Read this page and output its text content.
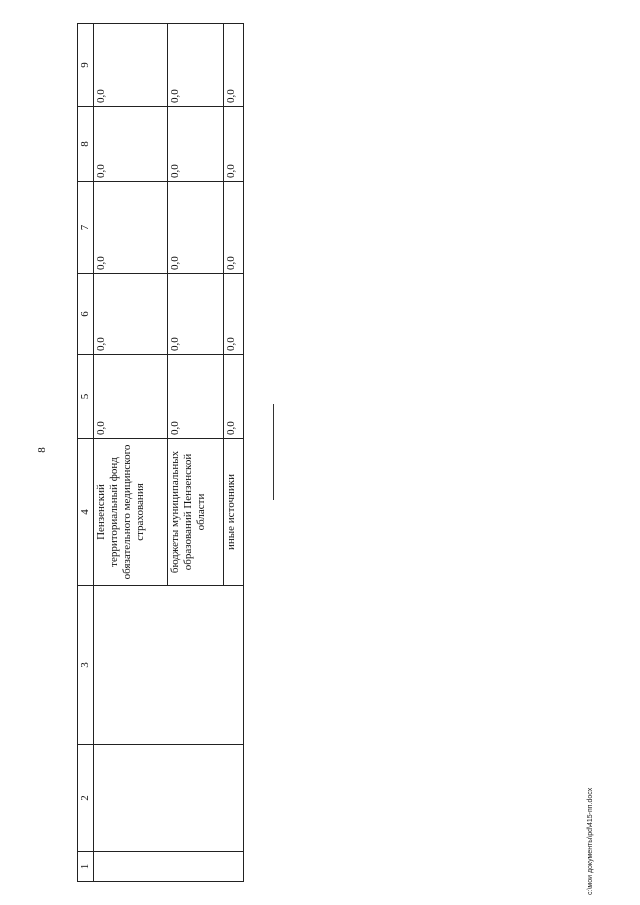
8
1	2	3	4	5	6	7	8	9
			Пензенский территориальный фонд обязательного медицинского страхования	0,0	0,0	0,0	0,0	0,0
			бюджеты муниципальных образований Пензенской области	0,0	0,0	0,0	0,0	0,0
			иные источники	0,0	0,0	0,0	0,0	0,0
c:\мои документы\pd\415-пп.docx
